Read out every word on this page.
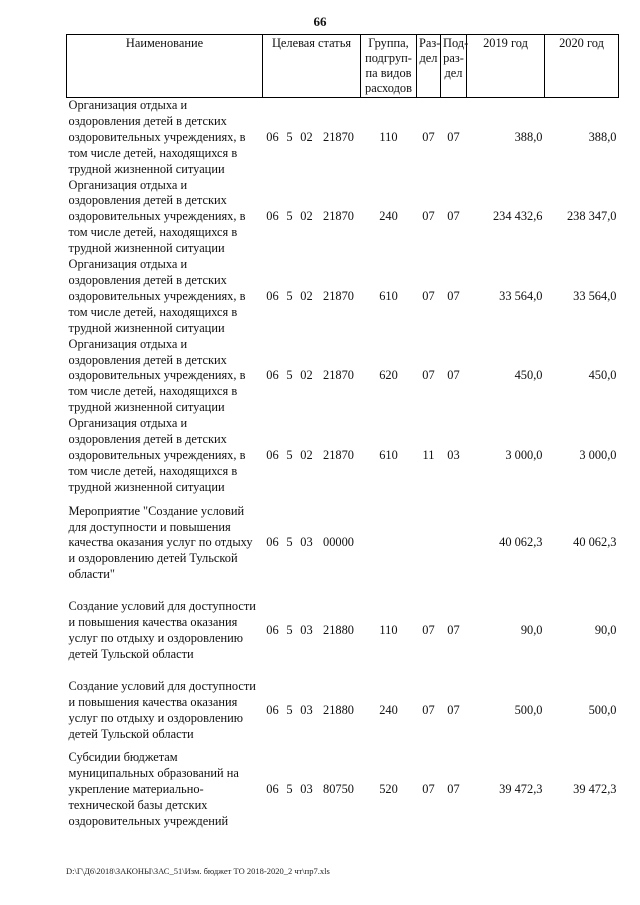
66
Наименование	Целевая статья				Группа, подгруп-па видов расходов	Раз-дел	Под-раз-дел	2019 год	2020 год
Организация отдыха и оздоровления детей в детских оздоровительных учреждениях, в том числе детей, находящихся в трудной жизненной ситуации	06	5	02	21870	110	07	07	388,0	388,0
Организация отдыха и оздоровления детей в детских оздоровительных учреждениях, в том числе детей, находящихся в трудной жизненной ситуации	06	5	02	21870	240	07	07	234 432,6	238 347,0
Организация отдыха и оздоровления детей в детских оздоровительных учреждениях, в том числе детей, находящихся в трудной жизненной ситуации	06	5	02	21870	610	07	07	33 564,0	33 564,0
Организация отдыха и оздоровления детей в детских оздоровительных учреждениях, в том числе детей, находящихся в трудной жизненной ситуации	06	5	02	21870	620	07	07	450,0	450,0
Организация отдыха и оздоровления детей в детских оздоровительных учреждениях, в том числе детей, находящихся в трудной жизненной ситуации	06	5	02	21870	610	11	03	3 000,0	3 000,0

Мероприятие "Создание условий для доступности и повышения качества оказания услуг по отдыху и оздоровлению детей Тульской области"	06	5	03	00000				40 062,3	40 062,3

Создание условий для доступности и повышения качества оказания услуг по отдыху и оздоровлению детей Тульской области	06	5	03	21880	110	07	07	90,0	90,0

Создание условий для доступности и повышения качества оказания услуг по отдыху и оздоровлению детей Тульской области	06	5	03	21880	240	07	07	500,0	500,0

Субсидии бюджетам муниципальных образований на укрепление материально-технической базы детских оздоровительных учреждений	06	5	03	80750	520	07	07	39 472,3	39 472,3
D:\Г\Д6\2018\ЗАКОНЫ\ЗАС_51\Изм. бюджет ТО 2018-2020_2 чт\пр7.xls
